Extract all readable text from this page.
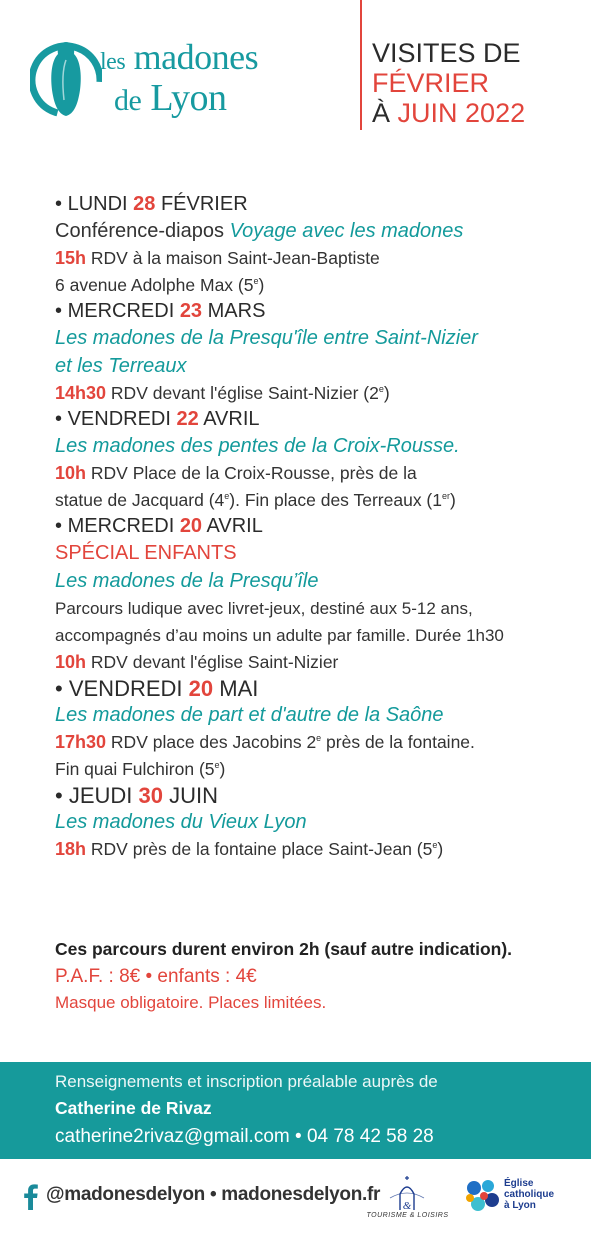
les madones
de Lyon
VISITES DE
FÉVRIER
À JUIN 2022
• LUNDI 28 FÉVRIER
Conférence-diapos Voyage avec les madones
15h RDV à la maison Saint-Jean-Baptiste
6 avenue Adolphe Max (5e)
• MERCREDI 23 MARS
Les madones de la Presqu'île entre Saint-Nizier
et les Terreaux
14h30 RDV devant l'église Saint-Nizier (2e)
• VENDREDI 22 AVRIL
Les madones des pentes de la Croix-Rousse.
10h RDV Place de la Croix-Rousse, près de la
statue de Jacquard (4e). Fin place des Terreaux (1er)
• MERCREDI 20 AVRIL
SPÉCIAL ENFANTS
Les madones de la Presqu’île
Parcours ludique avec livret-jeux, destiné aux 5-12 ans,
accompagnés d’au moins un adulte par famille. Durée 1h30
10h RDV devant l'église Saint-Nizier
• VENDREDI 20 MAI
Les madones de part et d'autre de la Saône
17h30 RDV place des Jacobins 2e près de la fontaine.
Fin quai Fulchiron (5e)
• JEUDI 30 JUIN
Les madones du Vieux Lyon
18h RDV près de la fontaine place Saint-Jean (5e)
Ces parcours durent environ 2h (sauf autre indication).
P.A.F. : 8€ • enfants : 4€
Masque obligatoire. Places limitées.
Renseignements et inscription préalable auprès de
Catherine de Rivaz
catherine2rivaz@gmail.com • 04 78 42 58 28
@madonesdelyon • madonesdelyon.fr
&
TOURISME & LOISIRS
Église
catholique
à Lyon
